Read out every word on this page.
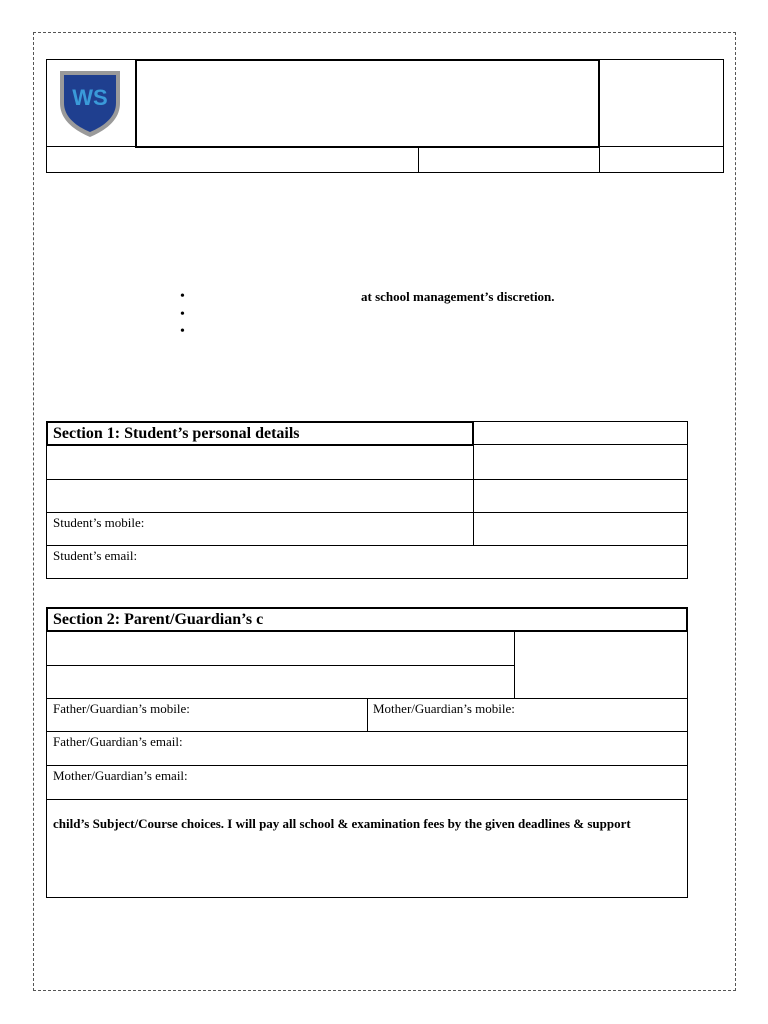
WS
•
•
•
at school management’s discretion.
Section 1: Student’s personal details
Student’s mobile:
Student’s email:
Section 2: Parent/Guardian’s c
Father/Guardian’s mobile:	Mother/Guardian’s mobile:
Father/Guardian’s email:
Mother/Guardian’s email:
child’s Subject/Course choices. I will pay all school & examination fees by the given deadlines & support
